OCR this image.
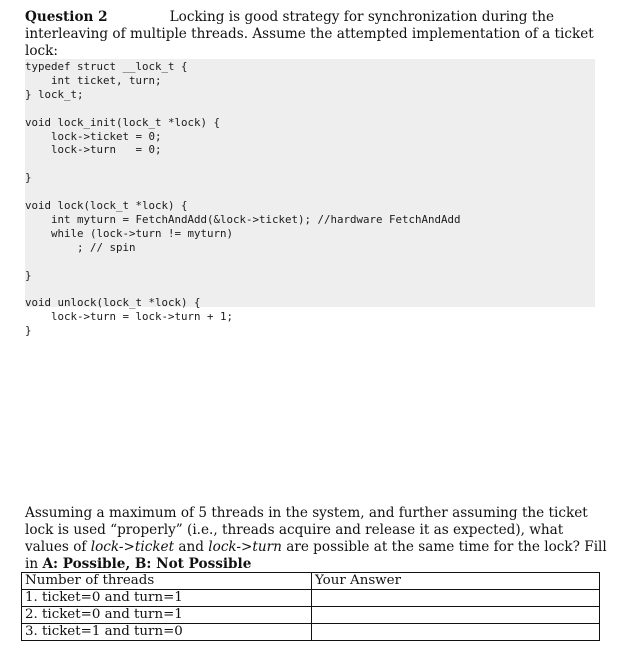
Question 2	Locking is good strategy for synchronization during the
interleaving of multiple threads. Assume the attempted implementation of a ticket lock:
typedef struct __lock_t {
int ticket, turn;
} lock_t;

void lock_init(lock_t *lock) {
lock->ticket = 0;
lock->turn   = 0;

}

void lock(lock_t *lock) {
int myturn = FetchAndAdd(&lock->ticket); //hardware FetchAndAdd
while (lock->turn != myturn)
; // spin

}

void unlock(lock_t *lock) {
lock->turn = lock->turn + 1;
}

Assuming a maximum of 5 threads in the system, and further assuming the ticket lock is used “properly” (i.e., threads acquire and release it as expected), what values of lock->ticket and lock->turn are possible at the same time for the lock? Fill in A: Possible, B: Not Possible
Number of threads	Your Answer
1. ticket=0 and turn=1	
2. ticket=0 and turn=1	
3. ticket=1 and turn=0	
